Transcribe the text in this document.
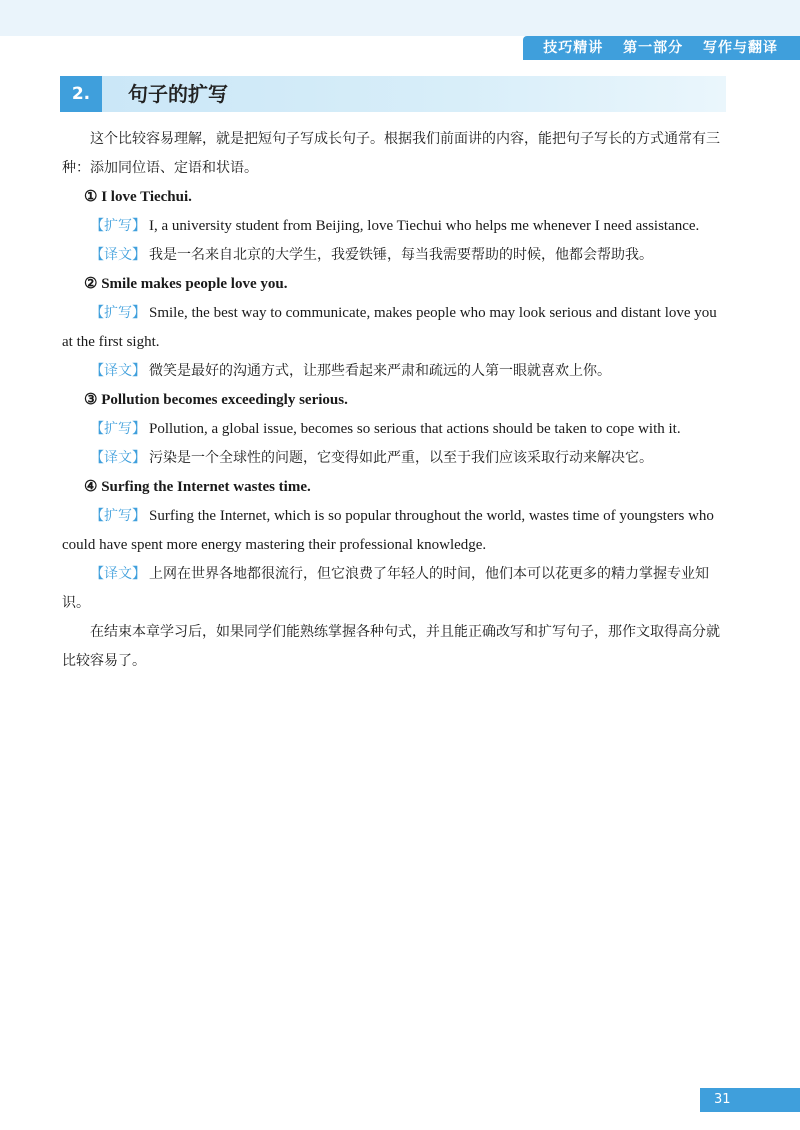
技巧精讲 第一部分 写作与翻译
2.	句子的扩写

这个比较容易理解，就是把短句子写成长句子。根据我们前面讲的内容，能把句子写长的方式通常有三种：添加同位语、定语和状语。

① I love Tiechui.

【扩写】 I, a university student from Beijing, love Tiechui who helps me whenever I need assistance.

【译文】 我是一名来自北京的大学生，我爱铁锤，每当我需要帮助的时候，他都会帮助我。

② Smile makes people love you.

【扩写】 Smile, the best way to communicate, makes people who may look serious and distant love you at the first sight.

【译文】 微笑是最好的沟通方式，让那些看起来严肃和疏远的人第一眼就喜欢上你。

③ Pollution becomes exceedingly serious.

【扩写】 Pollution, a global issue, becomes so serious that actions should be taken to cope with it.

【译文】 污染是一个全球性的问题，它变得如此严重，以至于我们应该采取行动来解决它。

④ Surfing the Internet wastes time.

【扩写】 Surfing the Internet, which is so popular throughout the world, wastes time of youngsters who could have spent more energy mastering their professional knowledge.

【译文】 上网在世界各地都很流行，但它浪费了年轻人的时间，他们本可以花更多的精力掌握专业知识。

在结束本章学习后，如果同学们能熟练掌握各种句式，并且能正确改写和扩写句子，那作文取得高分就比较容易了。

31
